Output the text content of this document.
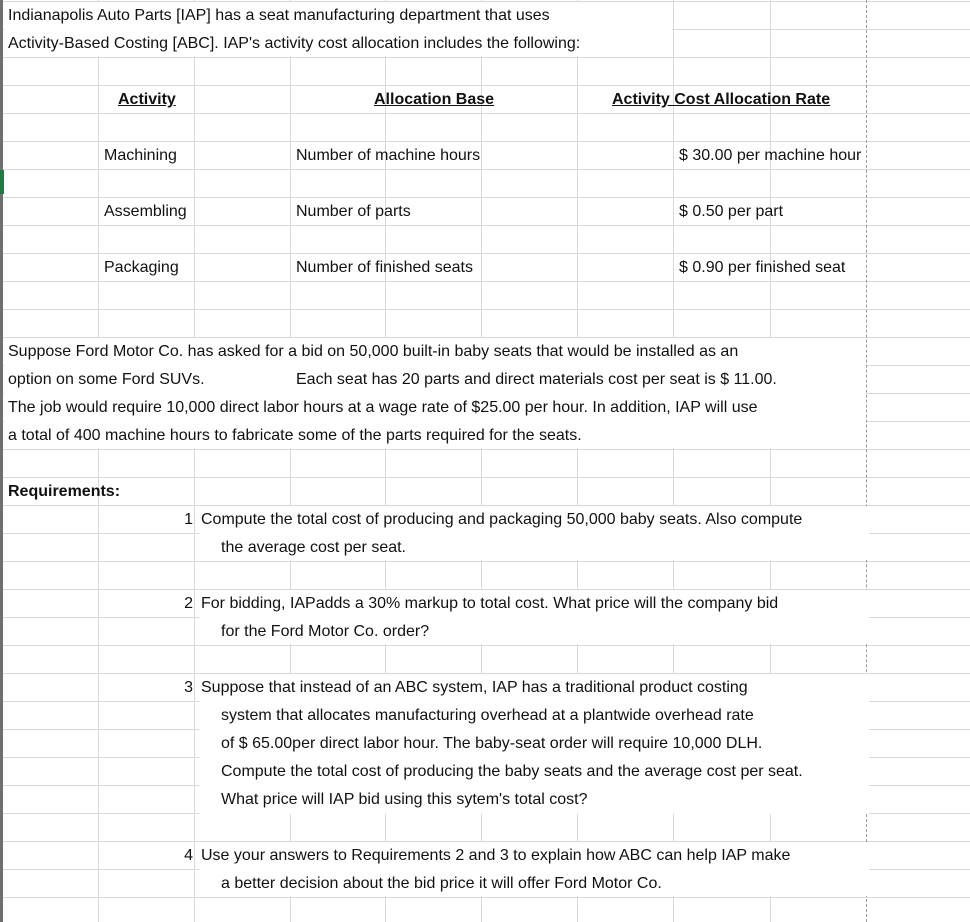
Indianapolis Auto Parts [IAP] has a seat manufacturing department that uses
Activity-Based Costing [ABC]. IAP's activity cost allocation includes the following:
Activity	Allocation Base	Activity Cost Allocation Rate
Machining	Number of machine hours	$ 30.00 per machine hour
Assembling	Number of parts	$ 0.50 per part
Packaging	Number of finished seats	$ 0.90 per finished seat
Suppose Ford Motor Co. has asked for a bid on 50,000 built-in baby seats that would be installed as an
option on some Ford SUVs.	Each seat has 20 parts and direct materials cost per seat is $ 11.00.
The job would require 10,000 direct labor hours at a wage rate of $25.00 per hour. In addition, IAP will use
a total of 400 machine hours to fabricate some of the parts required for the seats.
Requirements:
1 Compute the total cost of producing and packaging 50,000 baby seats. Also compute
the average cost per seat.
2 For bidding, IAPadds a 30% markup to total cost. What price will the company bid
for the Ford Motor Co. order?
3 Suppose that instead of an ABC system, IAP has a traditional product costing
system that allocates manufacturing overhead at a plantwide overhead rate
of $ 65.00per direct labor hour. The baby-seat order will require 10,000 DLH.
Compute the total cost of producing the baby seats and the average cost per seat.
What price will IAP bid using this sytem's total cost?
4 Use your answers to Requirements 2 and 3 to explain how ABC can help IAP make
a better decision about the bid price it will offer Ford Motor Co.
